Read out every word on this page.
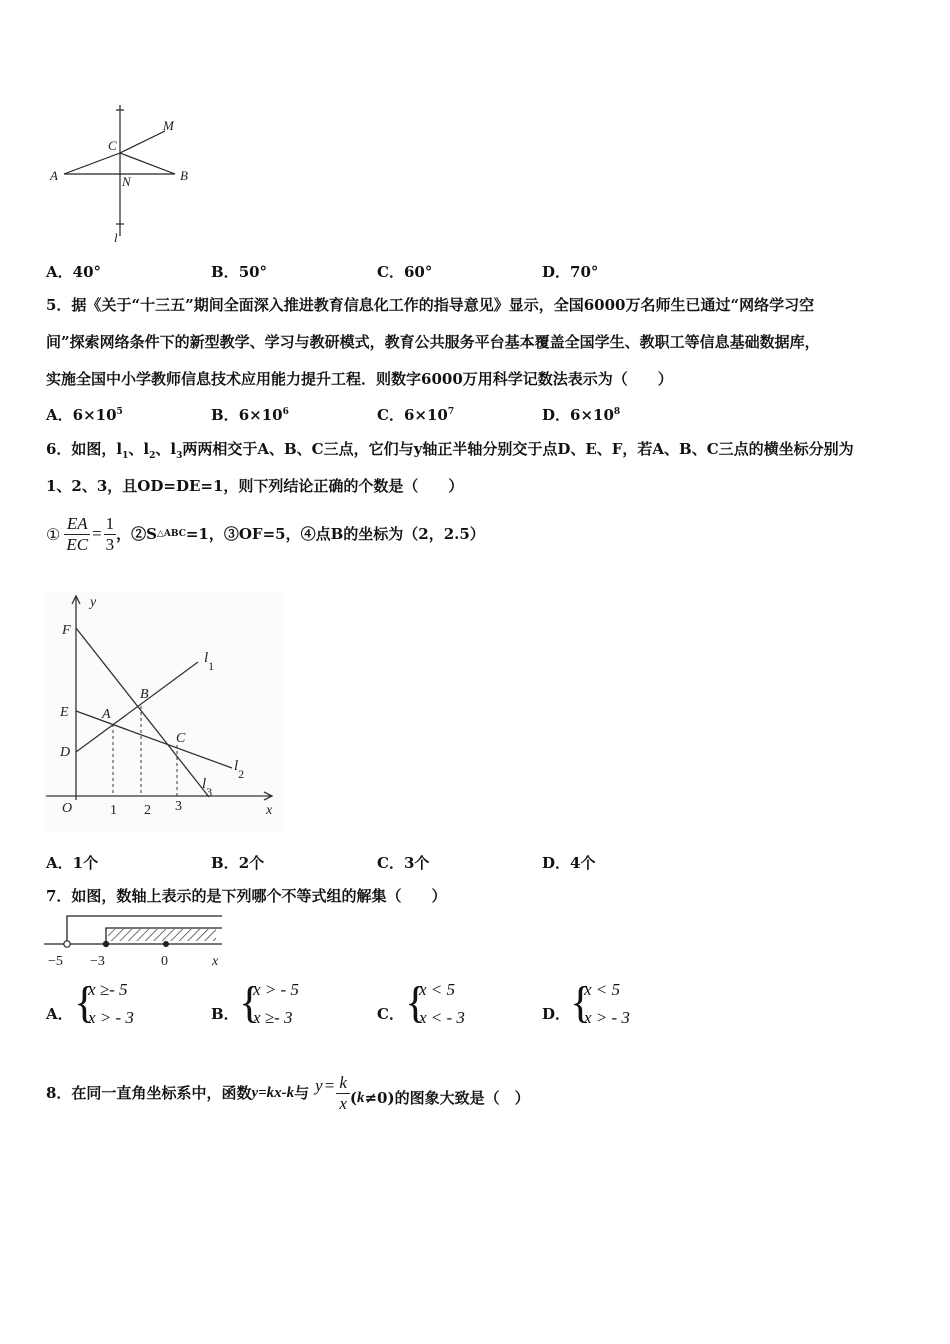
M
C
A	N	B
l
A．40°	B．50°	C．60°	D．70°
5．据《关于“十三五”期间全面深入推进教育信息化工作的指导意见》显示，全国6000万名师生已通过“网络学习空
间”探索网络条件下的新型教学、学习与教研模式，教育公共服务平台基本覆盖全国学生、教职工等信息基础数据库，
实施全国中小学教师信息技术应用能力提升工程．则数字6000万用科学记数法表示为（　　）
A．$6\times 10^5$	B．$6\times 10^6$	C．$6\times 10^7$	D．$6\times 10^8$
6．如图，$l_1$、$l_2$、$l_3$两两相交于A、B、C三点，它们与y轴正半轴分别交于点D、E、F，若A、B、C三点的横坐标分别为
1、2、3，且OD=DE=1，则下列结论正确的个数是（　　）
① $\frac{EA}{EC} = \frac{1}{3}$ ，②S △ABC =1，③OF=5，④点B的坐标为（2，2.5）
y
x
O
F
E
D
A
B
C
$l_1$
$l_2$
$l_3$
1 2 3
A．1个	B．2个	C．3个	D．4个
7．如图，数轴上表示的是下列哪个不等式组的解集（　　）
−5 −3	0	x
A． {
x ≥- 5
x > - 3	B． {
x > - 5
x ≥- 3	C． {
x < 5
x < - 3	D． {
x < 5
x > - 3
8．在同一直角坐标系中，函数 y=kx-k 与 $y = \frac{k}{x}$ ( k ≠0)的图象大致是（　）
